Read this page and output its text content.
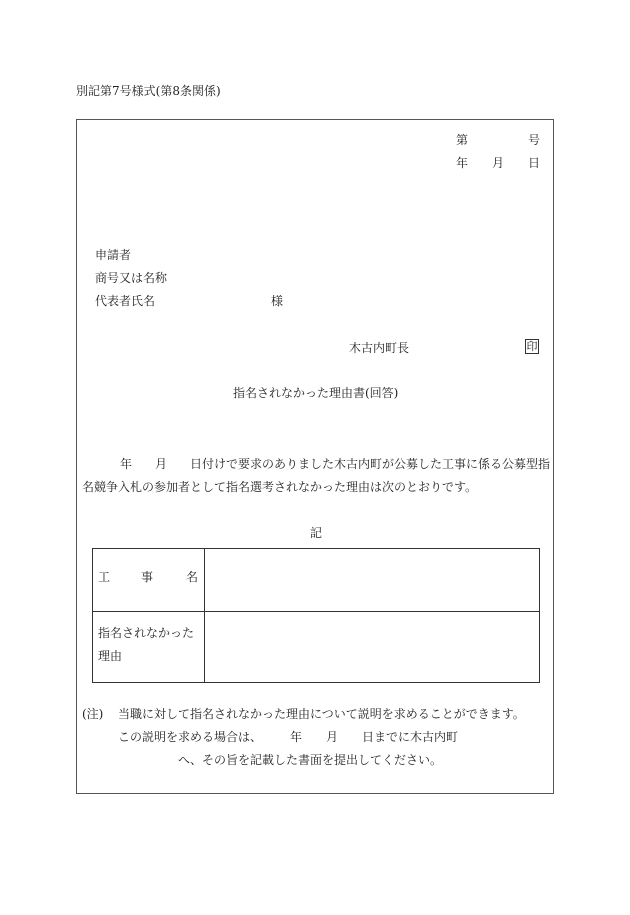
別記第7号様式(第8条関係)
第	号
年 月 日
申請者
商号又は名称
代表者氏名	様
木古内町長	印
指名されなかった理由書(回答)
年 月 日付けで要求のありました木古内町が公募した工事に係る公募型指
名競争入札の参加者として指名選考されなかった理由は次のとおりです。
記
工	事	名
指名されなかった
理由
(注) 当職に対して指名されなかった理由について説明を求めることができます。
この説明を求める場合は、 年 月 日までに木古内町
へ、その旨を記載した書面を提出してください。
